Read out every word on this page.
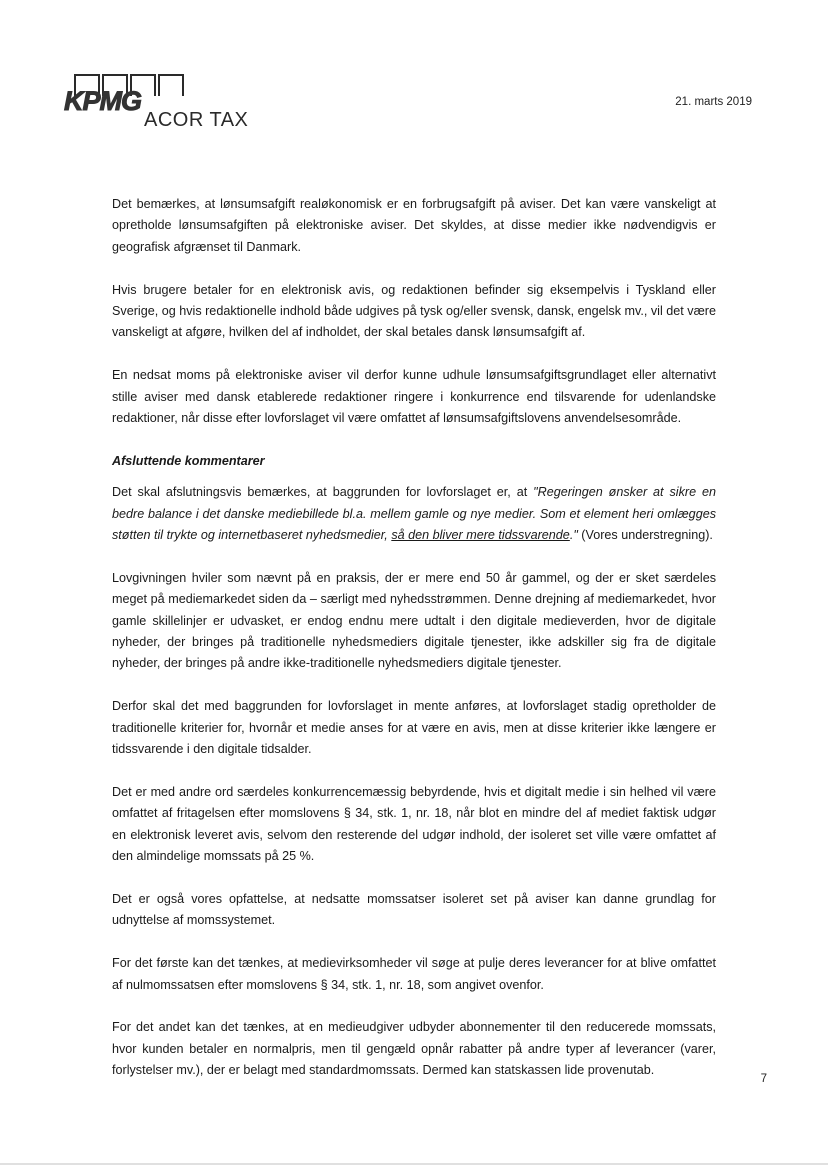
KPMG
ACOR TAX
21. marts 2019

Det bemærkes, at lønsumsafgift realøkonomisk er en forbrugsafgift på aviser. Det kan være vanskeligt at opretholde lønsumsafgiften på elektroniske aviser. Det skyldes, at disse medier ikke nødvendigvis er geografisk afgrænset til Danmark.

Hvis brugere betaler for en elektronisk avis, og redaktionen befinder sig eksempelvis i Tyskland eller Sverige, og hvis redaktionelle indhold både udgives på tysk og/eller svensk, dansk, engelsk mv., vil det være vanskeligt at afgøre, hvilken del af indholdet, der skal betales dansk lønsumsafgift af.

En nedsat moms på elektroniske aviser vil derfor kunne udhule lønsumsafgiftsgrundlaget eller alternativt stille aviser med dansk etablerede redaktioner ringere i konkurrence end tilsvarende for udenlandske redaktioner, når disse efter lovforslaget vil være omfattet af lønsumsafgiftslovens anvendelsesområde.

Afsluttende kommentarer

Det skal afslutningsvis bemærkes, at baggrunden for lovforslaget er, at "Regeringen ønsker at sikre en bedre balance i det danske mediebillede bl.a. mellem gamle og nye medier. Som et element heri omlægges støtten til trykte og internetbaseret nyhedsmedier, så den bliver mere tidssvarende." (Vores understregning).

Lovgivningen hviler som nævnt på en praksis, der er mere end 50 år gammel, og der er sket særdeles meget på mediemarkedet siden da – særligt med nyhedsstrømmen. Denne drejning af mediemarkedet, hvor gamle skillelinjer er udvasket, er endog endnu mere udtalt i den digitale medieverden, hvor de digitale nyheder, der bringes på traditionelle nyhedsmediers digitale tjenester, ikke adskiller sig fra de digitale nyheder, der bringes på andre ikke-traditionelle nyhedsmediers digitale tjenester.

Derfor skal det med baggrunden for lovforslaget in mente anføres, at lovforslaget stadig opretholder de traditionelle kriterier for, hvornår et medie anses for at være en avis, men at disse kriterier ikke længere er tidssvarende i den digitale tidsalder.

Det er med andre ord særdeles konkurrencemæssig bebyrdende, hvis et digitalt medie i sin helhed vil være omfattet af fritagelsen efter momslovens § 34, stk. 1, nr. 18, når blot en mindre del af mediet faktisk udgør en elektronisk leveret avis, selvom den resterende del udgør indhold, der isoleret set ville være omfattet af den almindelige momssats på 25 %.

Det er også vores opfattelse, at nedsatte momssatser isoleret set på aviser kan danne grundlag for udnyttelse af momssystemet.

For det første kan det tænkes, at medievirksomheder vil søge at pulje deres leverancer for at blive omfattet af nulmomssatsen efter momslovens § 34, stk. 1, nr. 18, som angivet ovenfor.

For det andet kan det tænkes, at en medieudgiver udbyder abonnementer til den reducerede momssats, hvor kunden betaler en normalpris, men til gengæld opnår rabatter på andre typer af leverancer (varer, forlystelser mv.), der er belagt med standardmomssats. Dermed kan statskassen lide provenutab.

7
